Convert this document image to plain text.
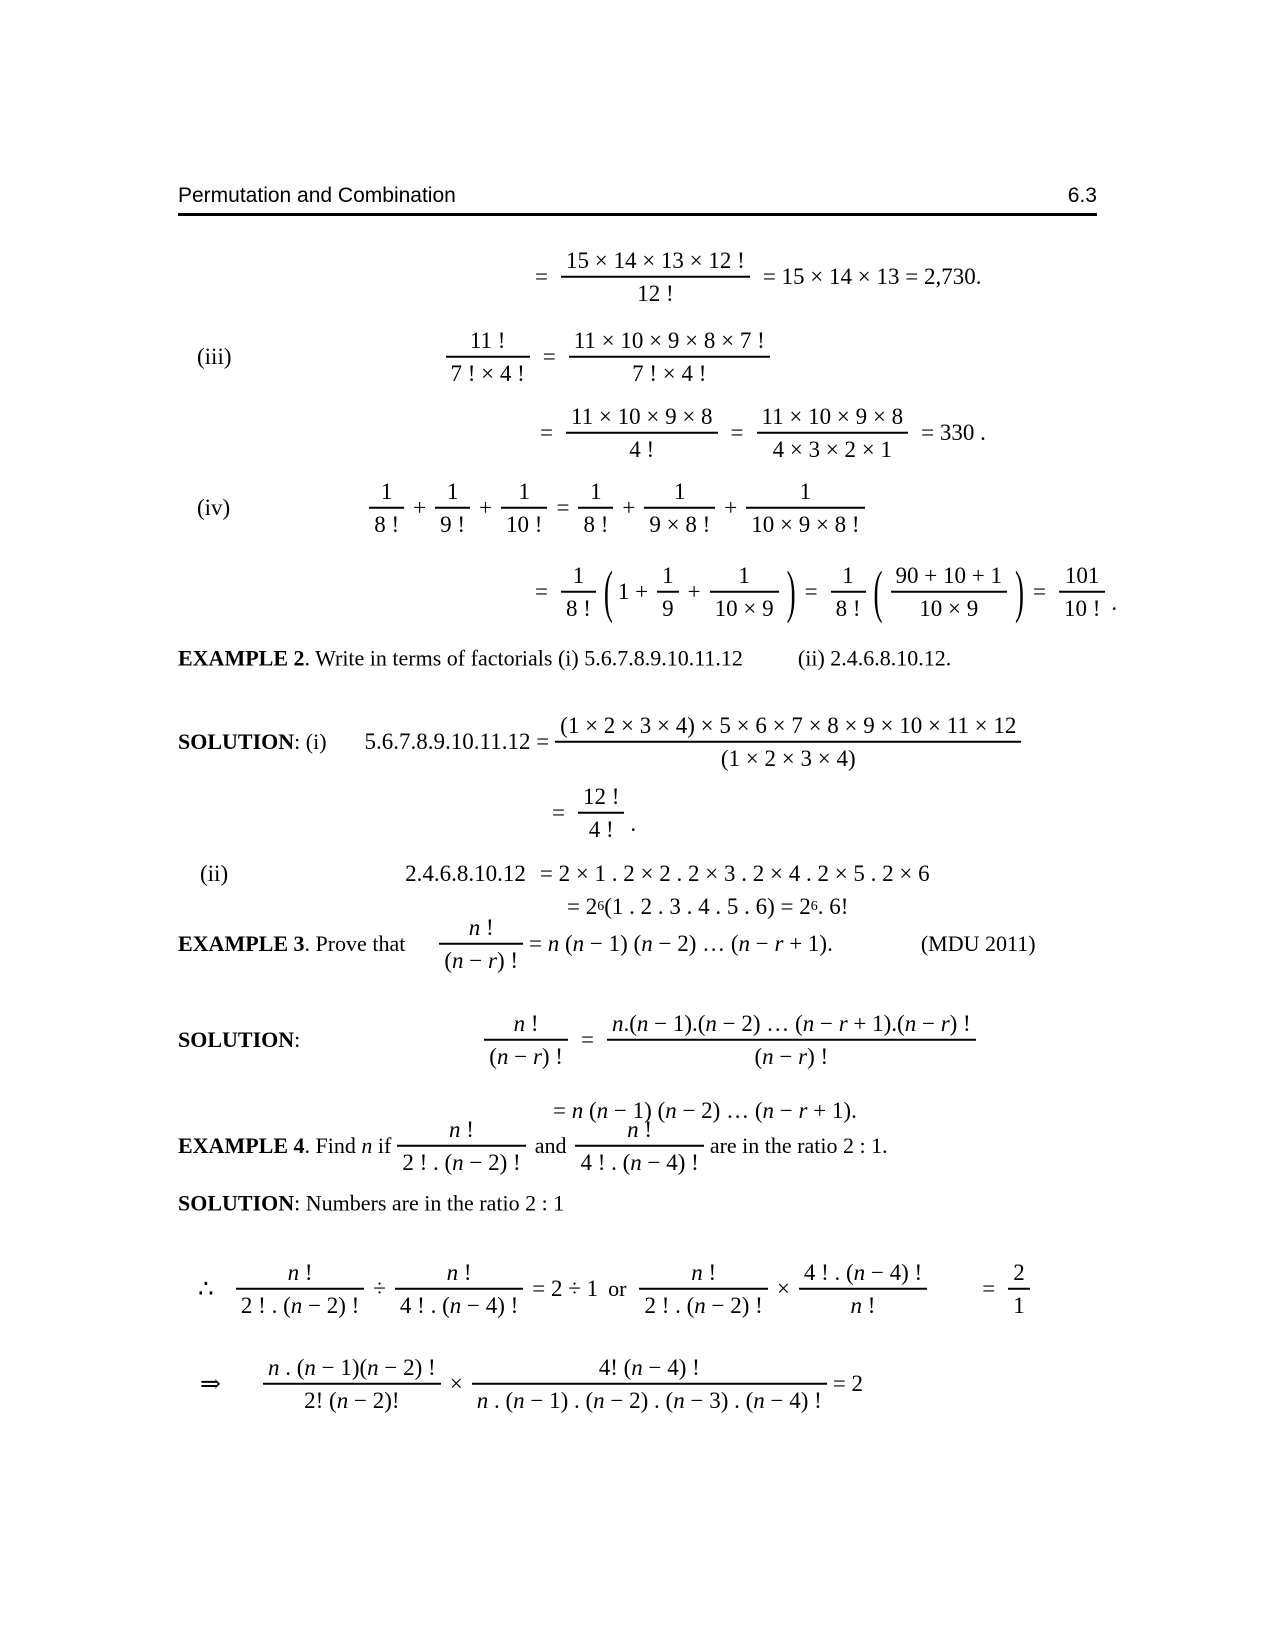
Permutation and Combination	6.3
= $\frac{15 \times 14 \times 13 \times 12 !}{12 !} = 15 \times 14 \times 13 = 2,730$.
(iii)	$\frac{11 !}{7 ! \times 4 !} = \frac{11 \times 10 \times 9 \times 8 \times 7 !}{7 ! \times 4 !}$
= $\frac{11 \times 10 \times 9 \times 8}{4 !} = \frac{11 \times 10 \times 9 \times 8}{4 \times 3 \times 2 \times 1} = 330$ .
(iv)	$\frac{1}{8 !} + \frac{1}{9 !} + \frac{1}{10 !} = \frac{1}{8 !} + \frac{1}{9 \times 8 !} + \frac{1}{10 \times 9 \times 8 !}$
= $\frac{1}{8 !}$ ( $1 + \frac{1}{9} + \frac{1}{10 \times 9}$ ) = $\frac{1}{8 !}$ ( $\frac{90 + 10 + 1}{10 \times 9}$ ) = $\frac{101}{10 !}$ .
EXAMPLE 2 . Write in terms of factorials (i) 5.6.7.8.9.10.11.12	(ii) 2.4.6.8.10.12.
SOLUTION : (i) $5.6.7.8.9.10.11.12 = \frac{(1 \times 2 \times 3 \times 4) \times 5 \times 6 \times 7 \times 8 \times 9 \times 10 \times 11 \times 12}{(1 \times 2 \times 3 \times 4)}$
= $\frac{12 !}{4 !}$ .
(ii)	2.4.6.8.10.12 = 2 × 1 . 2 × 2 . 2 × 3 . 2 × 4 . 2 × 5 . 2 × 6
= 2 6 (1 . 2 . 3 . 4 . 5 . 6) = 2 6 . 6!
EXAMPLE 3 . Prove that $\frac{n !}{(n - r) !} = n$ (n − 1) (n − 2) … (n − r + 1).	(MDU 2011)
SOLUTION :	$\frac{n !}{(n - r) !} = \frac{n.(n - 1).(n - 2) \dots (n - r + 1).(n - r) !}{(n - r) !}$
= n (n − 1) (n − 2) … (n − r + 1).
EXAMPLE 4 . Find n if $\frac{n !}{2 ! . (n - 2) !}$ and $\frac{n !}{4 ! . (n - 4) !}$ are in the ratio 2 : 1.
SOLUTION : Numbers are in the ratio 2 : 1
∴ $\frac{n !}{2 ! . (n - 2) !} \div \frac{n !}{4 ! . (n - 4) !} = 2 \div 1$ or $\frac{n !}{2 ! . (n - 2) !} \times \frac{4 ! . (n - 4) !}{n !} = \frac{2}{1}$
⇒ $\frac{n . (n - 1)(n - 2) !}{2! (n - 2)!} \times \frac{4! (n - 4) !}{n . (n - 1) . (n - 2) . (n - 3) . (n - 4) !} = 2$
